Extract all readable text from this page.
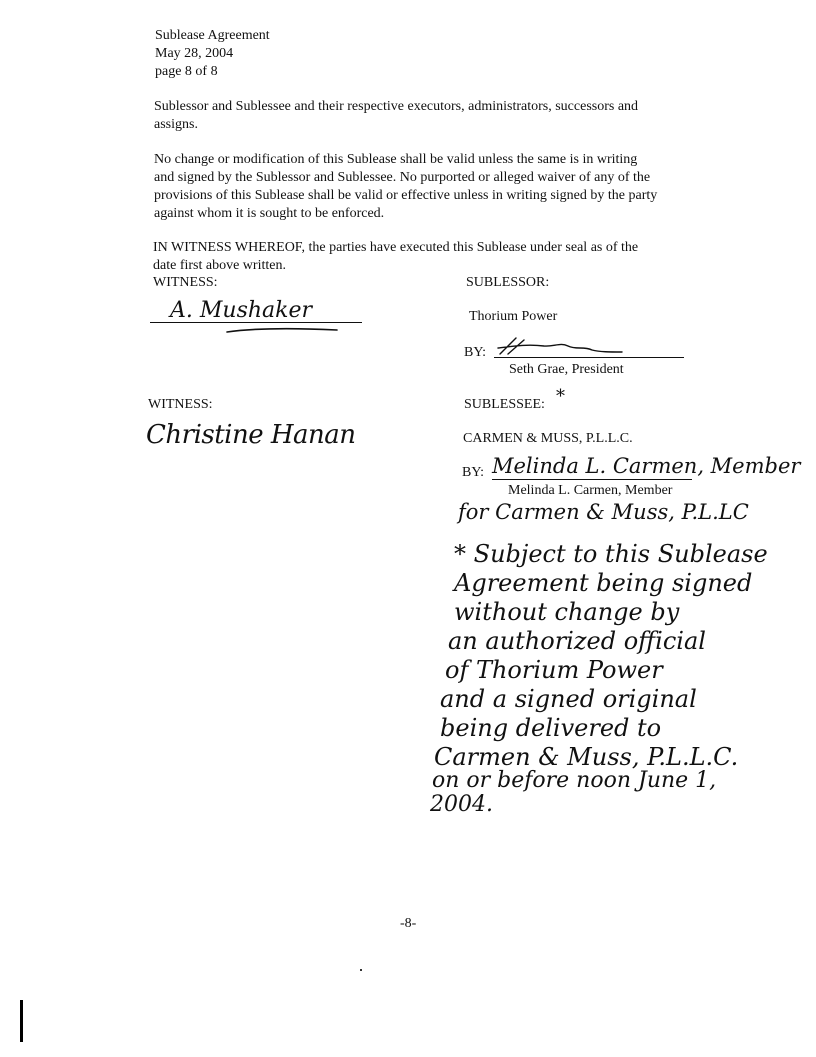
Sublease Agreement
May 28, 2004
page 8 of 8
Sublessor and Sublessee and their respective executors, administrators, successors and
assigns.
No change or modification of this Sublease shall be valid unless the same is in writing
and signed by the Sublessor and Sublessee. No purported or alleged waiver of any of the
provisions of this Sublease shall be valid or effective unless in writing signed by the party
against whom it is sought to be enforced.
IN WITNESS WHEREOF, the parties have executed this Sublease under seal as of the
date first above written.
WITNESS:
A. Mushaker
SUBLESSOR:
Thorium Power
BY:
Seth Grae, President
WITNESS:
Christine Hanan
SUBLESSEE: *
CARMEN & MUSS, P.L.L.C.
BY: Melinda L. Carmen, Member
Melinda L. Carmen, Member
for Carmen & Muss, P.L.LC
* Subject to this Sublease
Agreement being signed
without change by
an authorized official
of Thorium Power
and a signed original
being delivered to
Carmen & Muss, P.L.L.C.
on or before noon June 1,
2004.
-8-
